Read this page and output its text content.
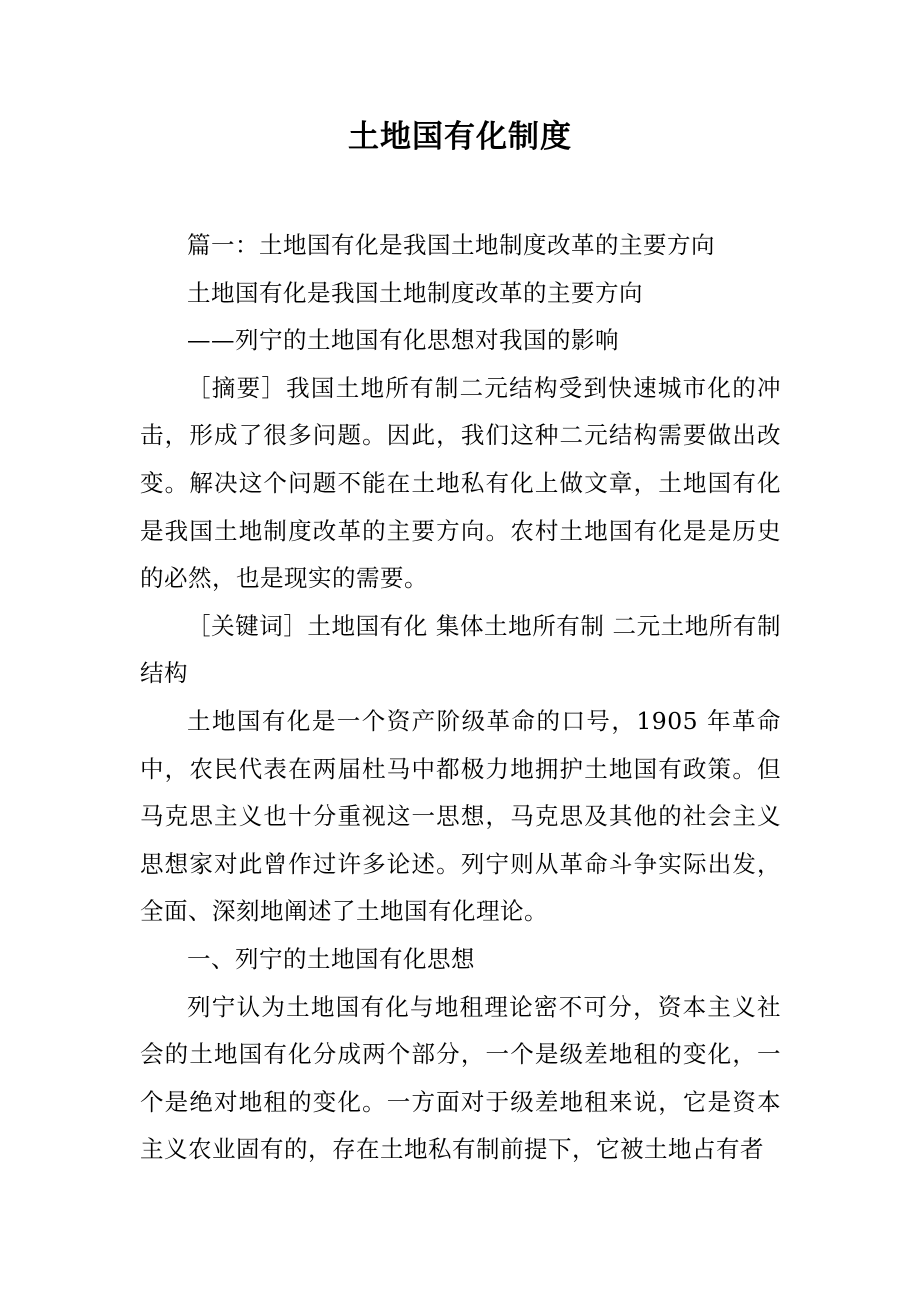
土地国有化制度

篇一：土地国有化是我国土地制度改革的主要方向

土地国有化是我国土地制度改革的主要方向

——列宁的土地国有化思想对我国的影响

［摘要］我国土地所有制二元结构受到快速城市化的冲击，形成了很多问题。因此，我们这种二元结构需要做出改变。解决这个问题不能在土地私有化上做文章，土地国有化是我国土地制度改革的主要方向。农村土地国有化是是历史的必然，也是现实的需要。

［关键词］土地国有化 集体土地所有制 二元土地所有制结构

土地国有化是一个资产阶级革命的口号，1905 年革命中，农民代表在两届杜马中都极力地拥护土地国有政策。但马克思主义也十分重视这一思想，马克思及其他的社会主义思想家对此曾作过许多论述。列宁则从革命斗争实际出发，全面、深刻地阐述了土地国有化理论。

一、列宁的土地国有化思想

列宁认为土地国有化与地租理论密不可分，资本主义社会的土地国有化分成两个部分，一个是级差地租的变化，一个是绝对地租的变化。一方面对于级差地租来说，它是资本主义农业固有的，存在土地私有制前提下，它被土地占有者
